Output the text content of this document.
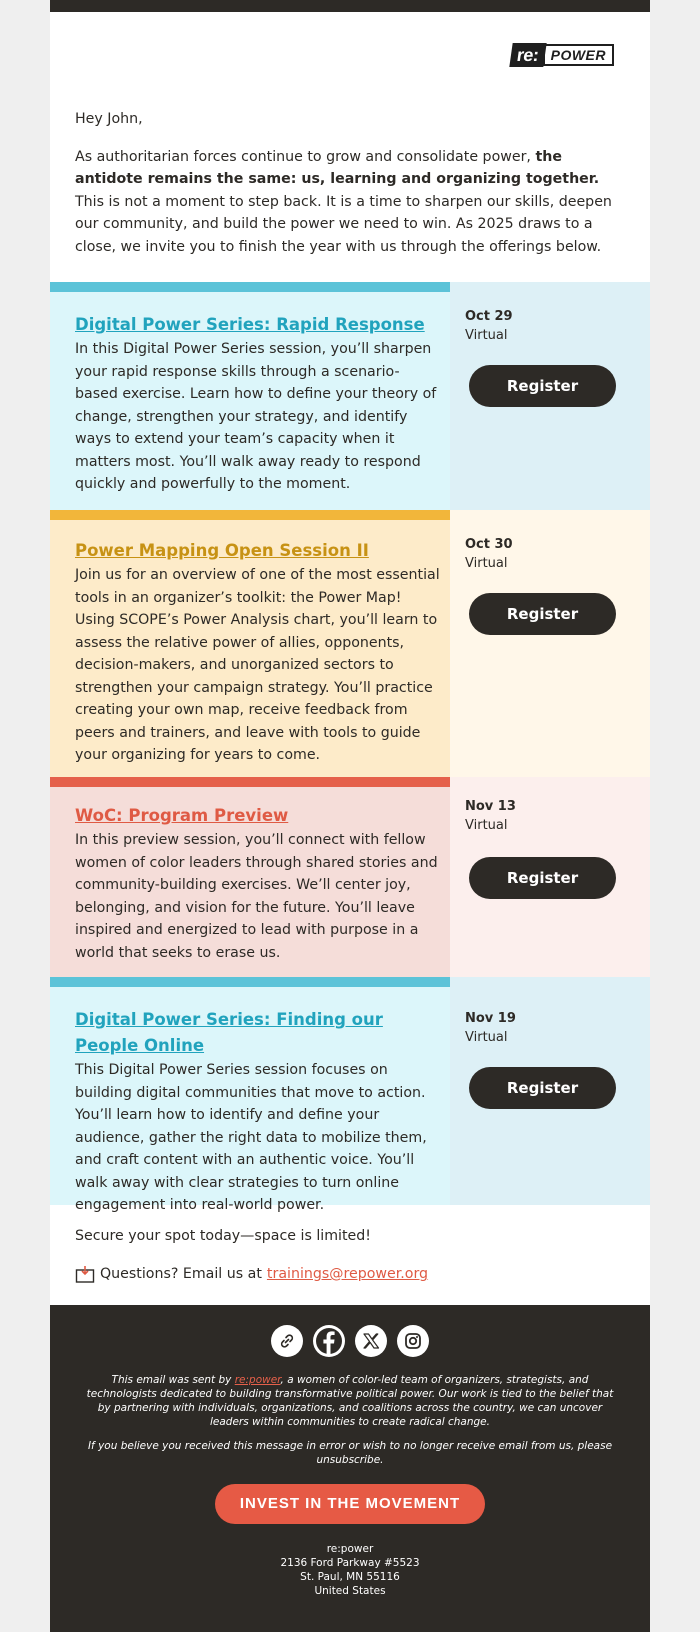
re: POWER

Hey John,

As authoritarian forces continue to grow and consolidate power, the antidote remains the same: us, learning and organizing together. This is not a moment to step back. It is a time to sharpen our skills, deepen our community, and build the power we need to win. As 2025 draws to a close, we invite you to finish the year with us through the offerings below.

Digital Power Series: Rapid Response
In this Digital Power Series session, you’ll sharpen your rapid response skills through a scenario-based exercise. Learn how to define your theory of change, strengthen your strategy, and identify ways to extend your team’s capacity when it matters most. You’ll walk away ready to respond quickly and powerfully to the moment.
Oct 29
Virtual
Register
Power Mapping Open Session II
Join us for an overview of one of the most essential tools in an organizer’s toolkit: the Power Map! Using SCOPE’s Power Analysis chart, you’ll learn to assess the relative power of allies, opponents, decision-makers, and unorganized sectors to strengthen your campaign strategy. You’ll practice creating your own map, receive feedback from peers and trainers, and leave with tools to guide your organizing for years to come.
Oct 30
Virtual
Register
WoC: Program Preview
In this preview session, you’ll connect with fellow women of color leaders through shared stories and community-building exercises. We’ll center joy, belonging, and vision for the future. You’ll leave inspired and energized to lead with purpose in a world that seeks to erase us.
Nov 13
Virtual
Register
Digital Power Series: Finding our People Online
This Digital Power Series session focuses on building digital communities that move to action. You’ll learn how to identify and define your audience, gather the right data to mobilize them, and craft content with an authentic voice. You’ll walk away with clear strategies to turn online engagement into real-world power.
Nov 19
Virtual
Register
Secure your spot today—space is limited!
Questions? Email us at trainings@repower.org
This email was sent by re:power, a women of color-led team of organizers, strategists, and technologists dedicated to building transformative political power. Our work is tied to the belief that by partnering with individuals, organizations, and coalitions across the country, we can uncover leaders within communities to create radical change.
If you believe you received this message in error or wish to no longer receive email from us, please unsubscribe.
INVEST IN THE MOVEMENT
re:power
2136 Ford Parkway #5523
St. Paul, MN 55116
United States
